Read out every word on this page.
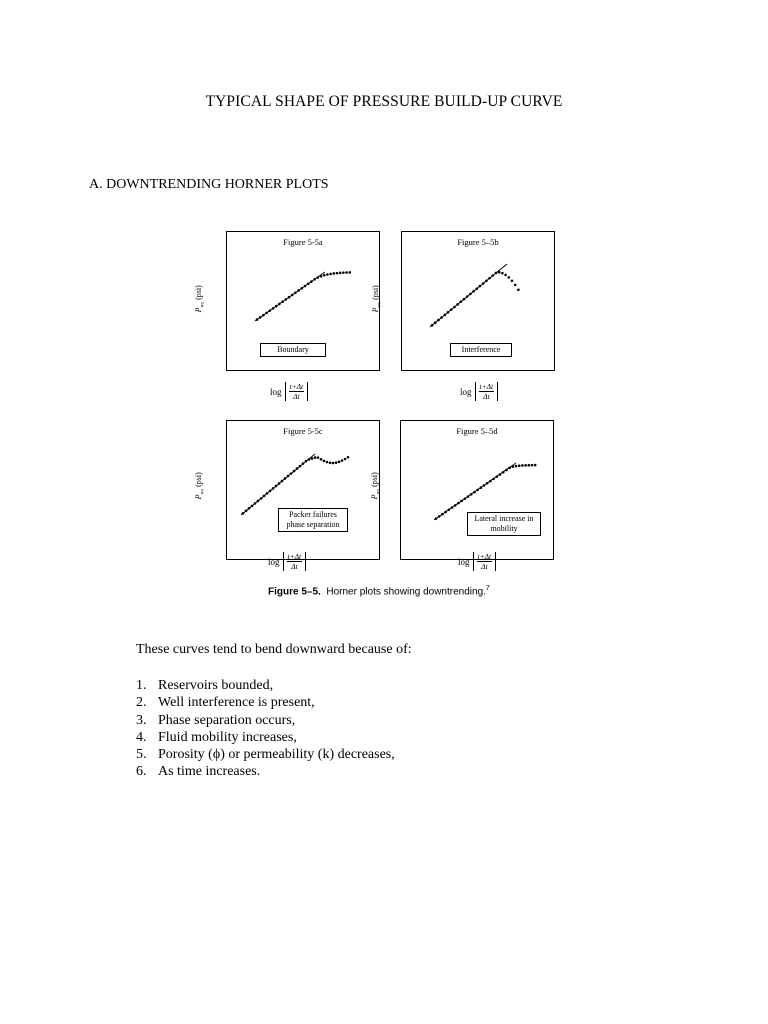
TYPICAL SHAPE OF PRESSURE BUILD-UP CURVE
A. DOWNTRENDING HORNER PLOTS
Figure 5-5a
Boundary
$P_{ws}$ (psi)
$\log \frac{t+\Delta t}{\Delta t}$
Figure 5–5b
Interference
$P_{ws}$ (psi)
$\log \frac{t+\Delta t}{\Delta t}$
Figure 5-5c
Packer failures phase separation
$P_{ws}$ (psi)
$\log \frac{t+\Delta t}{\Delta t}$
Figure 5–5d
Lateral increase in mobility
$P_{ws}$ (psi)
$\log \frac{t+\Delta t}{\Delta t}$
Figure 5–5. Horner plots showing downtrending.$^7$
These curves tend to bend downward because of:
1. Reservoirs bounded,
2. Well interference is present,
3. Phase separation occurs,
4. Fluid mobility increases,
5. Porosity (ϕ) or permeability (k) decreases,
6. As time increases.
